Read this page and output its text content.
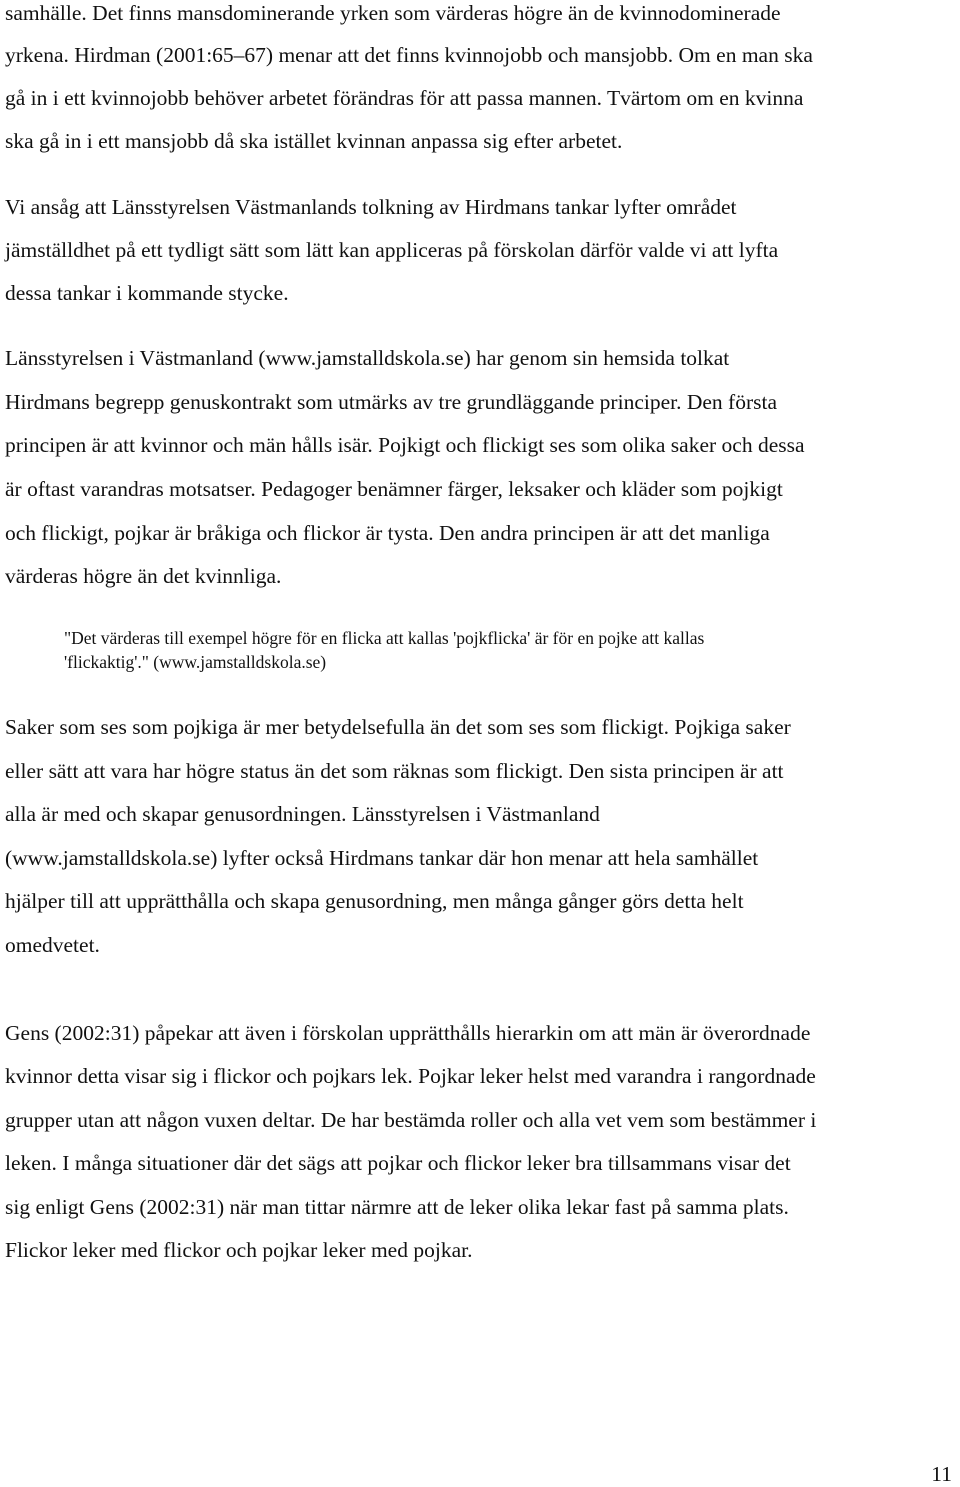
samhälle. Det finns mansdominerande yrken som värderas högre än de kvinnodominerade
yrkena. Hirdman (2001:65–67) menar att det finns kvinnojobb och mansjobb. Om en man ska
gå in i ett kvinnojobb behöver arbetet förändras för att passa mannen. Tvärtom om en kvinna
ska gå in i ett mansjobb då ska istället kvinnan anpassa sig efter arbetet.
Vi ansåg att Länsstyrelsen Västmanlands tolkning av Hirdmans tankar lyfter området
jämställdhet på ett tydligt sätt som lätt kan appliceras på förskolan därför valde vi att lyfta
dessa tankar i kommande stycke.
Länsstyrelsen i Västmanland (www.jamstalldskola.se) har genom sin hemsida tolkat
Hirdmans begrepp genuskontrakt som utmärks av tre grundläggande principer. Den första
principen är att kvinnor och män hålls isär. Pojkigt och flickigt ses som olika saker och dessa
är oftast varandras motsatser. Pedagoger benämner färger, leksaker och kläder som pojkigt
och flickigt, pojkar är bråkiga och flickor är tysta. Den andra principen är att det manliga
värderas högre än det kvinnliga.
"Det värderas till exempel högre för en flicka att kallas 'pojkflicka' är för en pojke att kallas
'flickaktig'." (www.jamstalldskola.se)
Saker som ses som pojkiga är mer betydelsefulla än det som ses som flickigt. Pojkiga saker
eller sätt att vara har högre status än det som räknas som flickigt. Den sista principen är att
alla är med och skapar genusordningen. Länsstyrelsen i Västmanland
(www.jamstalldskola.se) lyfter också Hirdmans tankar där hon menar att hela samhället
hjälper till att upprätthålla och skapa genusordning, men många gånger görs detta helt
omedvetet.
Gens (2002:31) påpekar att även i förskolan upprätthålls hierarkin om att män är överordnade
kvinnor detta visar sig i flickor och pojkars lek. Pojkar leker helst med varandra i rangordnade
grupper utan att någon vuxen deltar. De har bestämda roller och alla vet vem som bestämmer i
leken. I många situationer där det sägs att pojkar och flickor leker bra tillsammans visar det
sig enligt Gens (2002:31) när man tittar närmre att de leker olika lekar fast på samma plats.
Flickor leker med flickor och pojkar leker med pojkar.
11
